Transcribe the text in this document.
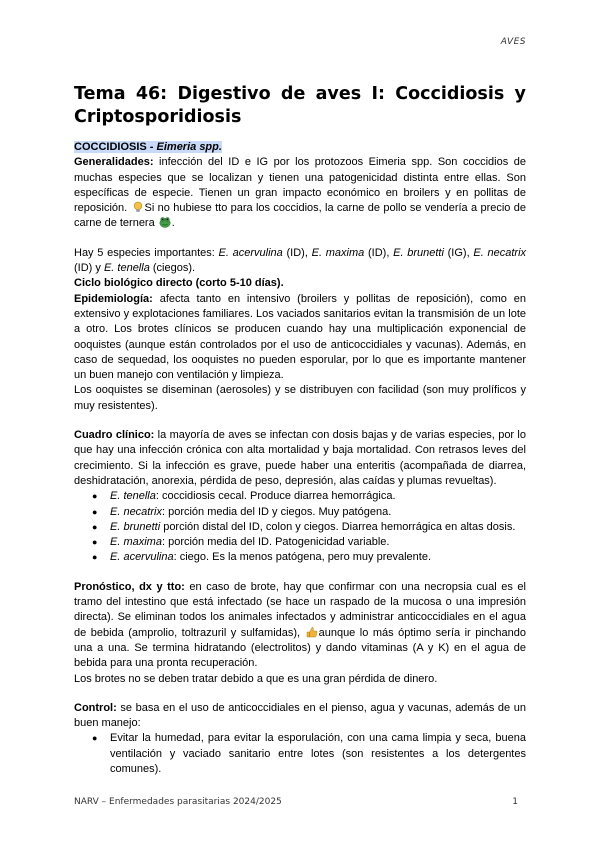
AVES
Tema 46: Digestivo de aves I: Coccidiosis y
Criptosporidiosis

COCCIDIOSIS - Eimeria spp.

Generalidades: infección del ID e IG por los protozoos Eimeria spp. Son coccidios de muchas especies que se localizan y tienen una patogenicidad distinta entre ellas. Son específicas de especie. Tienen un gran impacto económico en broilers y en pollitas de reposición. Si no hubiese tto para los coccidios, la carne de pollo se vendería a precio de carne de ternera .

Hay 5 especies importantes: E. acervulina (ID), E. maxima (ID), E. brunetti (IG), E. necatrix (ID) y E. tenella (ciegos).

Ciclo biológico directo (corto 5-10 días).

Epidemiología: afecta tanto en intensivo (broilers y pollitas de reposición), como en extensivo y explotaciones familiares. Los vaciados sanitarios evitan la transmisión de un lote a otro. Los brotes clínicos se producen cuando hay una multiplicación exponencial de ooquistes (aunque están controlados por el uso de anticoccidiales y vacunas). Además, en caso de sequedad, los ooquistes no pueden esporular, por lo que es importante mantener un buen manejo con ventilación y limpieza.

Los ooquistes se diseminan (aerosoles) y se distribuyen con facilidad (son muy prolíficos y muy resistentes).

Cuadro clínico: la mayoría de aves se infectan con dosis bajas y de varias especies, por lo que hay una infección crónica con alta mortalidad y baja mortalidad. Con retrasos leves del crecimiento. Si la infección es grave, puede haber una enteritis (acompañada de diarrea, deshidratación, anorexia, pérdida de peso, depresión, alas caídas y plumas revueltas).

● E. tenella: coccidiosis cecal. Produce diarrea hemorrágica.
● E. necatrix: porción media del ID y ciegos. Muy patógena.
● E. brunetti porción distal del ID, colon y ciegos. Diarrea hemorrágica en altas dosis.
● E. maxima: porción media del ID. Patogenicidad variable.
● E. acervulina: ciego. Es la menos patógena, pero muy prevalente.

Pronóstico, dx y tto: en caso de brote, hay que confirmar con una necropsia cual es el tramo del intestino que está infectado (se hace un raspado de la mucosa o una impresión directa). Se eliminan todos los animales infectados y administrar anticoccidiales en el agua de bebida (amprolio, toltrazuril y sulfamidas), aunque lo más óptimo sería ir pinchando una a una. Se termina hidratando (electrolitos) y dando vitaminas (A y K) en el agua de bebida para una pronta recuperación.

Los brotes no se deben tratar debido a que es una gran pérdida de dinero.

Control: se basa en el uso de anticoccidiales en el pienso, agua y vacunas, además de un buen manejo:

● Evitar la humedad, para evitar la esporulación, con una cama limpia y seca, buena ventilación y vaciado sanitario entre lotes (son resistentes a los detergentes comunes).
NARV – Enfermedades parasitarias 2024/2025	1
